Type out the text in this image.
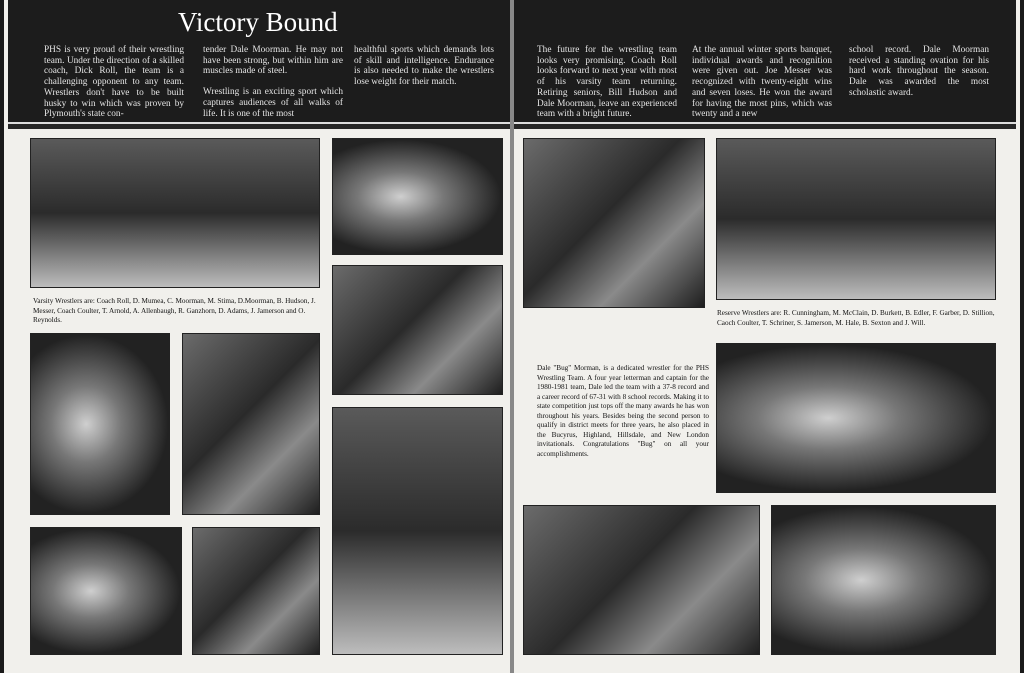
Victory Bound
PHS is very proud of their wrestling team. Under the direction of a skilled coach, Dick Roll, the team is a challenging opponent to any team. Wrestlers don't have to be built husky to win which was proven by Plymouth's state con-

tender Dale Moorman. He may not have been strong, but within him are muscles made of steel.

Wrestling is an exciting sport which captures audiences of all walks of life. It is one of the most

healthful sports which demands lots of skill and intelligence. Endurance is also needed to make the wrestlers lose weight for their match.
The future for the wrestling team looks very promising. Coach Roll looks forward to next year with most of his varsity team returning. Retiring seniors, Bill Hudson and Dale Moorman, leave an experienced team with a bright future.
At the annual winter sports banquet, individual awards and recognition were given out. Joe Messer was recognized with twenty-eight wins and seven loses. He won the award for having the most pins, which was twenty and a new
school record. Dale Moorman received a standing ovation for his hard work throughout the season. Dale was awarded the most scholastic award.
Varsity Wrestlers are: Coach Roll, D. Mumea, C. Moorman, M. Stima, D.Moorman, B. Hudson, J. Messer, Coach Coulter, T. Arnold, A. Allenbaugh, R. Ganzhorn, D. Adams, J. Jamerson and O. Reynolds.
Reserve Wrestlers are: R. Cunningham, M. McClain, D. Burkett, B. Edler, F. Garber, D. Stillion, Caoch Coulter, T. Schriner, S. Jamerson, M. Hale, B. Sexton and J. Will.
Dale "Bug" Morman, is a dedicated wrestler for the PHS Wrestling Team. A four year letterman and captain for the 1980-1981 team, Dale led the team with a 37-8 record and a career record of 67-31 with 8 school records. Making it to state competition just tops off the many awards he has won throughout his years. Besides being the second person to qualify in district meets for three years, he also placed in the Bucyrus, Highland, Hillsdale, and New London invitationals. Congratulations "Bug" on all your accomplishments.
